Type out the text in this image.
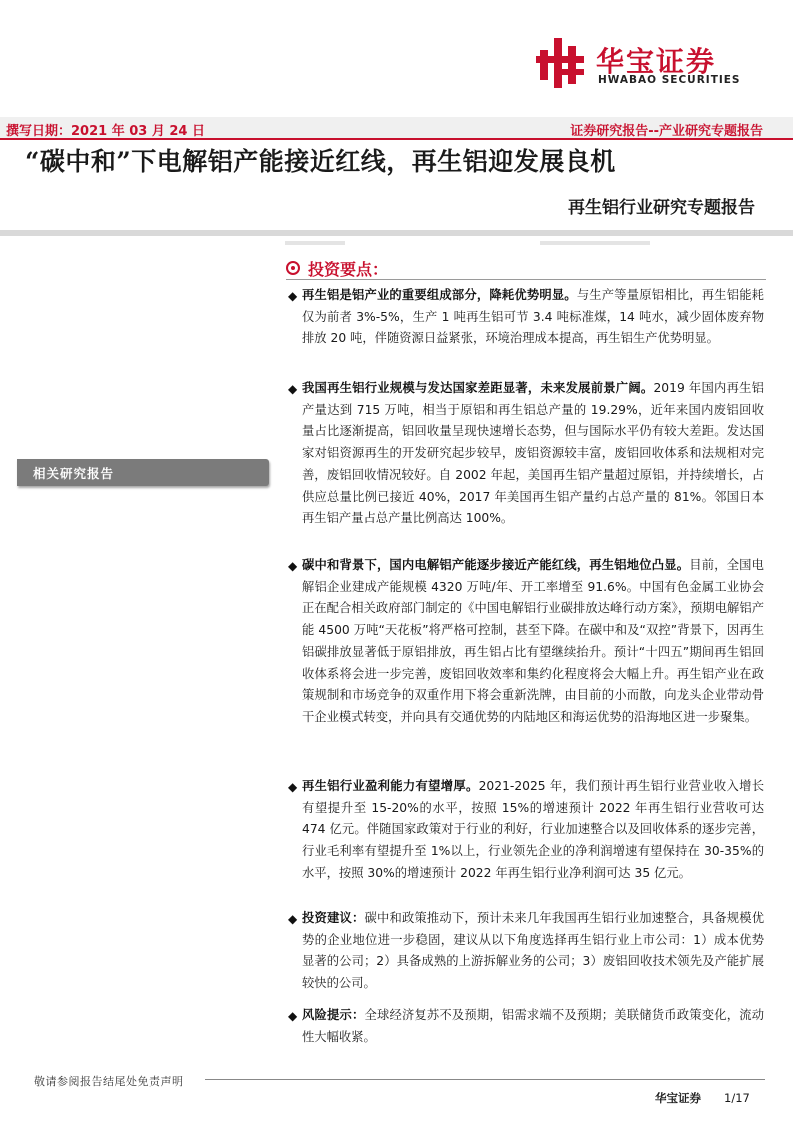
华宝证券
HWABAO SECURITIES
撰写日期：2021 年 03 月 24 日	证券研究报告--产业研究专题报告
“碳中和”下电解铝产能接近红线，再生铝迎发展良机
再生铝行业研究专题报告
相关研究报告
投资要点：
◆ 再生铝是铝产业的重要组成部分，降耗优势明显。与生产等量原铝相比，再生铝能耗仅为前者 3%-5%，生产 1 吨再生铝可节 3.4 吨标准煤，14 吨水，减少固体废弃物排放 20 吨，伴随资源日益紧张，环境治理成本提高，再生铝生产优势明显。

◆ 我国再生铝行业规模与发达国家差距显著，未来发展前景广阔。2019 年国内再生铝产量达到 715 万吨，相当于原铝和再生铝总产量的 19.29%，近年来国内废铝回收量占比逐渐提高，铝回收量呈现快速增长态势，但与国际水平仍有较大差距。发达国家对铝资源再生的开发研究起步较早，废铝资源较丰富，废铝回收体系和法规相对完善，废铝回收情况较好。自 2002 年起，美国再生铝产量超过原铝，并持续增长，占供应总量比例已接近 40%，2017 年美国再生铝产量约占总产量的 81%。邻国日本再生铝产量占总产量比例高达 100%。

◆ 碳中和背景下，国内电解铝产能逐步接近产能红线，再生铝地位凸显。目前，全国电解铝企业建成产能规模 4320 万吨/年、开工率增至 91.6%。中国有色金属工业协会正在配合相关政府部门制定的《中国电解铝行业碳排放达峰行动方案》，预期电解铝产能 4500 万吨“天花板”将严格可控制，甚至下降。在碳中和及“双控”背景下，因再生铝碳排放显著低于原铝排放，再生铝占比有望继续抬升。预计“十四五”期间再生铝回收体系将会进一步完善，废铝回收效率和集约化程度将会大幅上升。再生铝产业在政策规制和市场竞争的双重作用下将会重新洗牌，由目前的小而散，向龙头企业带动骨干企业模式转变，并向具有交通优势的内陆地区和海运优势的沿海地区进一步聚集。

◆ 再生铝行业盈利能力有望增厚。2021-2025 年，我们预计再生铝行业营业收入增长有望提升至 15-20%的水平，按照 15%的增速预计 2022 年再生铝行业营收可达 474 亿元。伴随国家政策对于行业的利好，行业加速整合以及回收体系的逐步完善，行业毛利率有望提升至 1%以上，行业领先企业的净利润增速有望保持在 30-35%的水平，按照 30%的增速预计 2022 年再生铝行业净利润可达 35 亿元。

◆ 投资建议：碳中和政策推动下，预计未来几年我国再生铝行业加速整合，具备规模优势的企业地位进一步稳固，建议从以下角度选择再生铝行业上市公司：1）成本优势显著的公司；2）具备成熟的上游拆解业务的公司；3）废铝回收技术领先及产能扩展较快的公司。

◆ 风险提示：全球经济复苏不及预期，铝需求端不及预期；美联储货币政策变化，流动性大幅收紧。

敬请参阅报告结尾处免责声明
华宝证券 1/17
